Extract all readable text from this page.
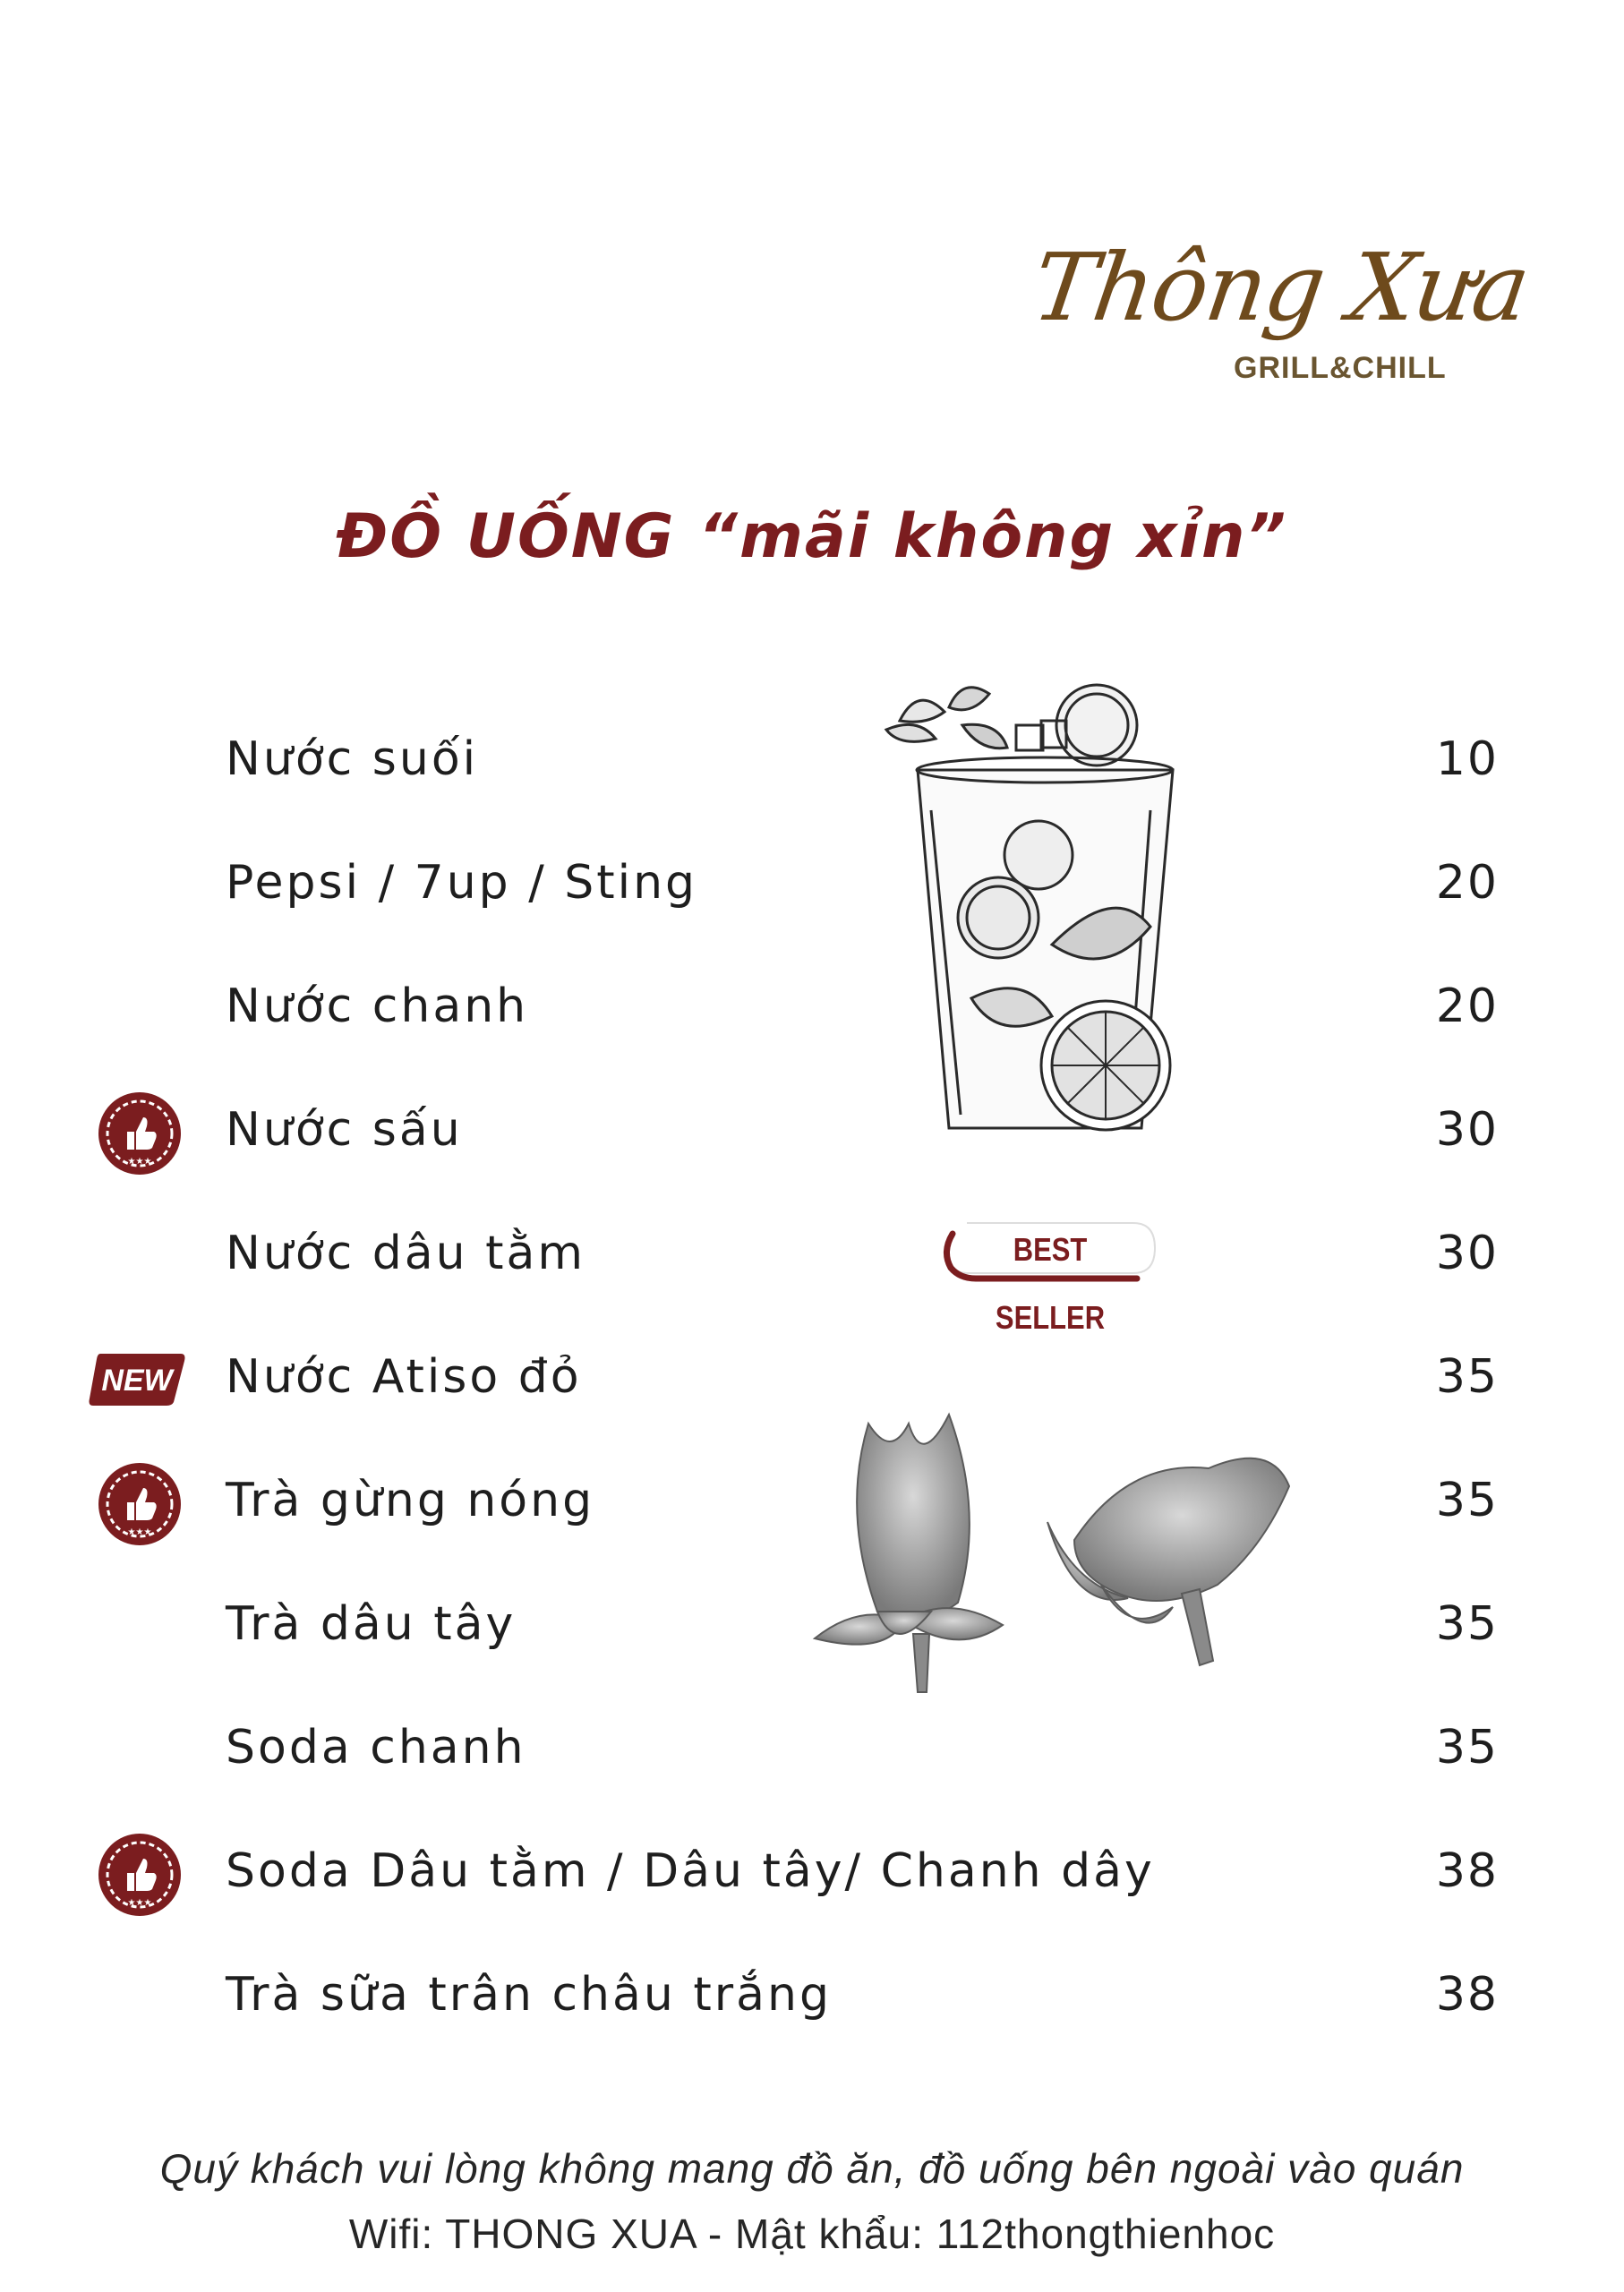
Thông Xưa
GRILL&CHILL
ĐỒ UỐNG “mãi không xỉn”
BEST SELLER
Nước suối	10
Pepsi / 7up / Sting	20
Nước chanh	20
★★★
Nước sấu	30
Nước dâu tằm	30
NEW Nước Atiso đỏ	35
★★★
Trà gừng nóng	35
Trà dâu tây	35
Soda chanh	35
★★★
Soda Dâu tằm / Dâu tây/ Chanh dây	38
Trà sữa trân châu trắng	38
Quý khách vui lòng không mang đồ ăn, đồ uống bên ngoài vào quán
Wifi: THONG XUA - Mật khẩu: 112thongthienhoc
